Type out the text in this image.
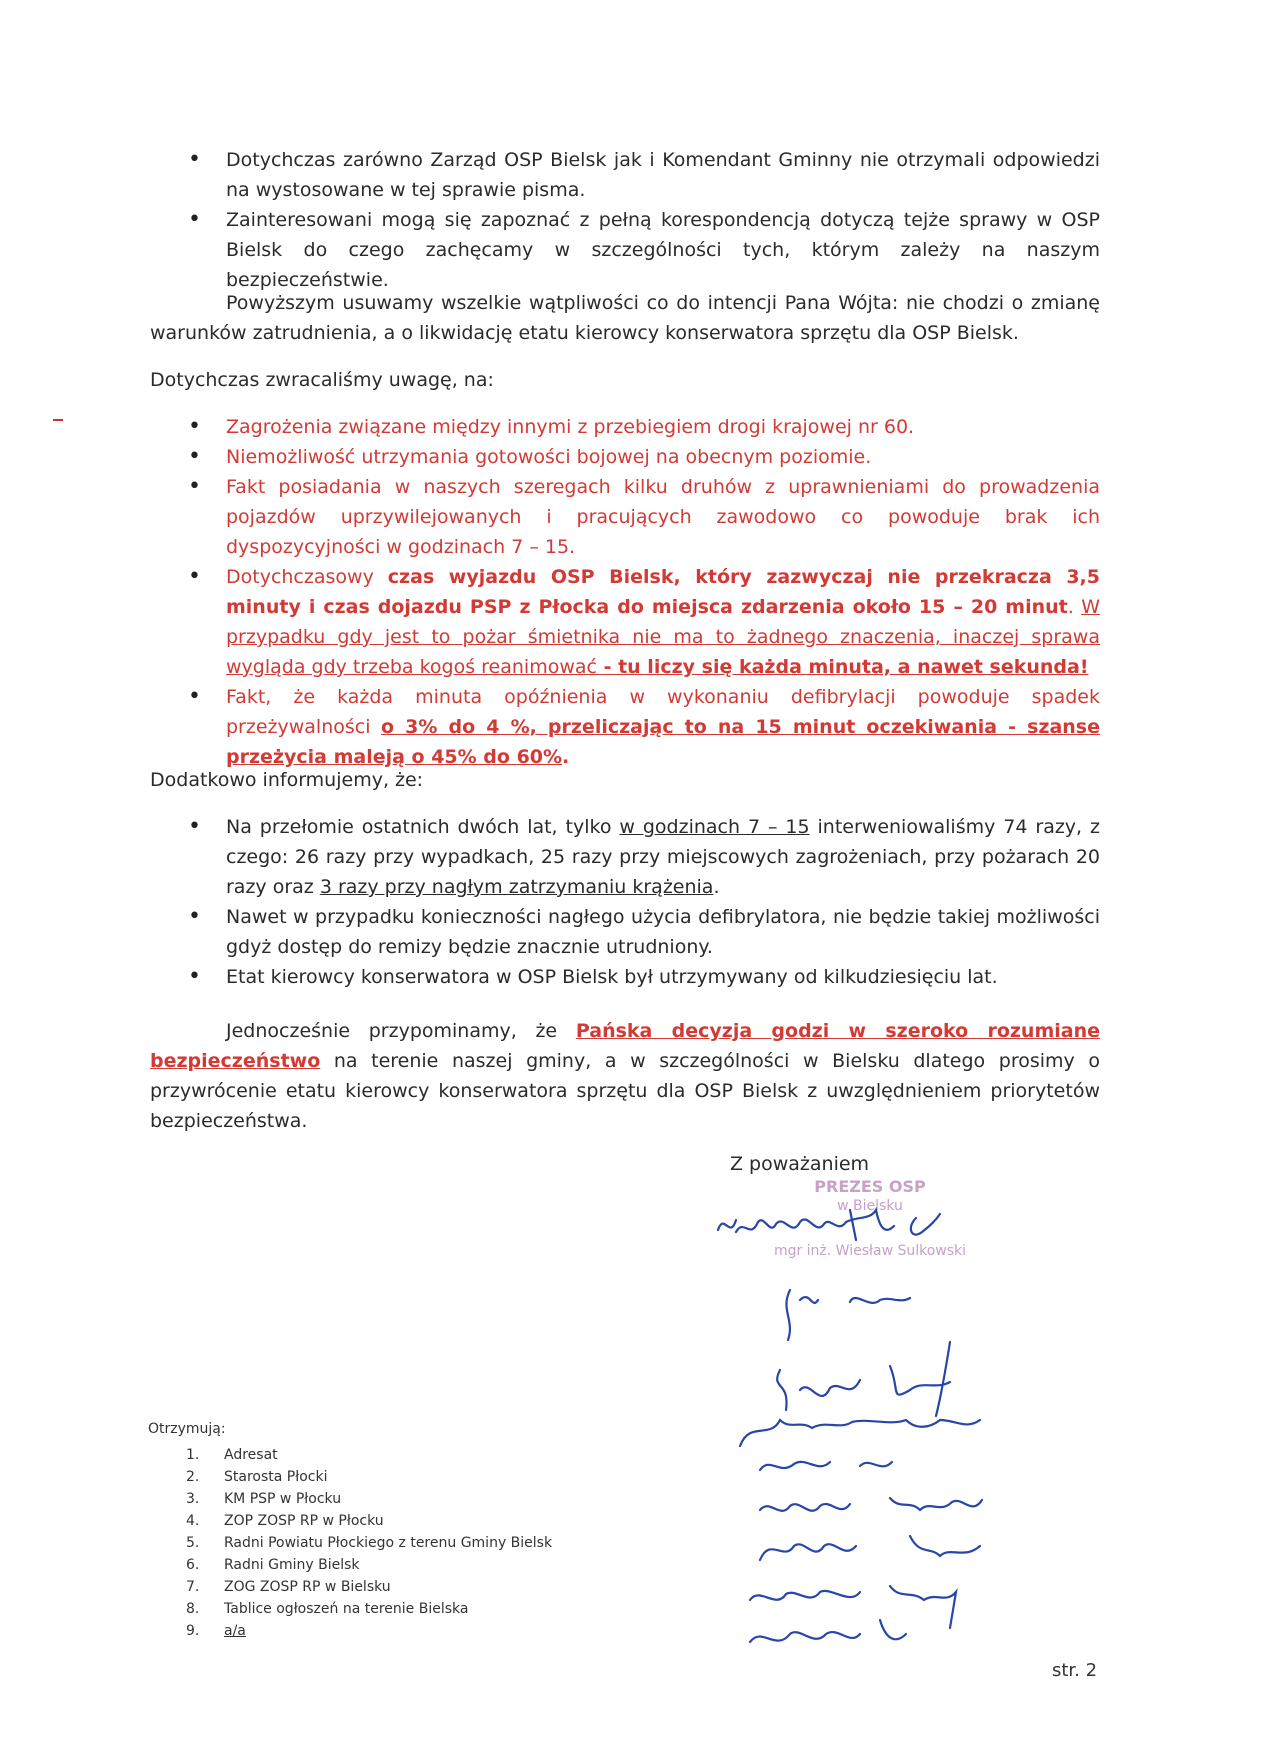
• Dotychczas zarówno Zarząd OSP Bielsk jak i Komendant Gminny nie otrzymali odpowiedzi na wystosowane w tej sprawie pisma.
• Zainteresowani mogą się zapoznać z pełną korespondencją dotyczą tejże sprawy w OSP Bielsk do czego zachęcamy w szczególności tych, którym zależy na naszym bezpieczeństwie.

Powyższym usuwamy wszelkie wątpliwości co do intencji Pana Wójta: nie chodzi o zmianę warunków zatrudnienia, a o likwidację etatu kierowcy konserwatora sprzętu dla OSP Bielsk.

Dotychczas zwracaliśmy uwagę, na:

• Zagrożenia związane między innymi z przebiegiem drogi krajowej nr 60.
• Niemożliwość utrzymania gotowości bojowej na obecnym poziomie.
• Fakt posiadania w naszych szeregach kilku druhów z uprawnieniami do prowadzenia pojazdów uprzywilejowanych i pracujących zawodowo co powoduje brak ich dyspozycyjności w godzinach 7 – 15.
• Dotychczasowy czas wyjazdu OSP Bielsk, który zazwyczaj nie przekracza 3,5 minuty i czas dojazdu PSP z Płocka do miejsca zdarzenia około 15 – 20 minut. W przypadku gdy jest to pożar śmietnika nie ma to żadnego znaczenia, inaczej sprawa wygląda gdy trzeba kogoś reanimować - tu liczy się każda minuta, a nawet sekunda!
• Fakt, że każda minuta opóźnienia w wykonaniu defibrylacji powoduje spadek przeżywalności o 3% do 4 %, przeliczając to na 15 minut oczekiwania - szanse przeżycia maleją o 45% do 60%.

Dodatkowo informujemy, że:

• Na przełomie ostatnich dwóch lat, tylko w godzinach 7 – 15 interweniowaliśmy 74 razy, z czego: 26 razy przy wypadkach, 25 razy przy miejscowych zagrożeniach, przy pożarach 20 razy oraz 3 razy przy nagłym zatrzymaniu krążenia.
• Nawet w przypadku konieczności nagłego użycia defibrylatora, nie będzie takiej możliwości gdyż dostęp do remizy będzie znacznie utrudniony.
• Etat kierowcy konserwatora w OSP Bielsk był utrzymywany od kilkudziesięciu lat.

Jednocześnie przypominamy, że Pańska decyzja godzi w szeroko rozumiane bezpieczeństwo na terenie naszej gminy, a w szczególności w Bielsku dlatego prosimy o przywrócenie etatu kierowcy konserwatora sprzętu dla OSP Bielsk z uwzględnieniem priorytetów bezpieczeństwa.

Z poważaniem
PREZES OSP
w Bielsku
mgr inż. Wiesław Sulkowski
Otrzymują:
1.	Adresat
2.	Starosta Płocki
3.	KM PSP w Płocku
4.	ZOP ZOSP RP w Płocku
5.	Radni Powiatu Płockiego z terenu Gminy Bielsk
6.	Radni Gminy Bielsk
7.	ZOG ZOSP RP w Bielsku
8.	Tablice ogłoszeń na terenie Bielska
9.	a/a
str. 2
